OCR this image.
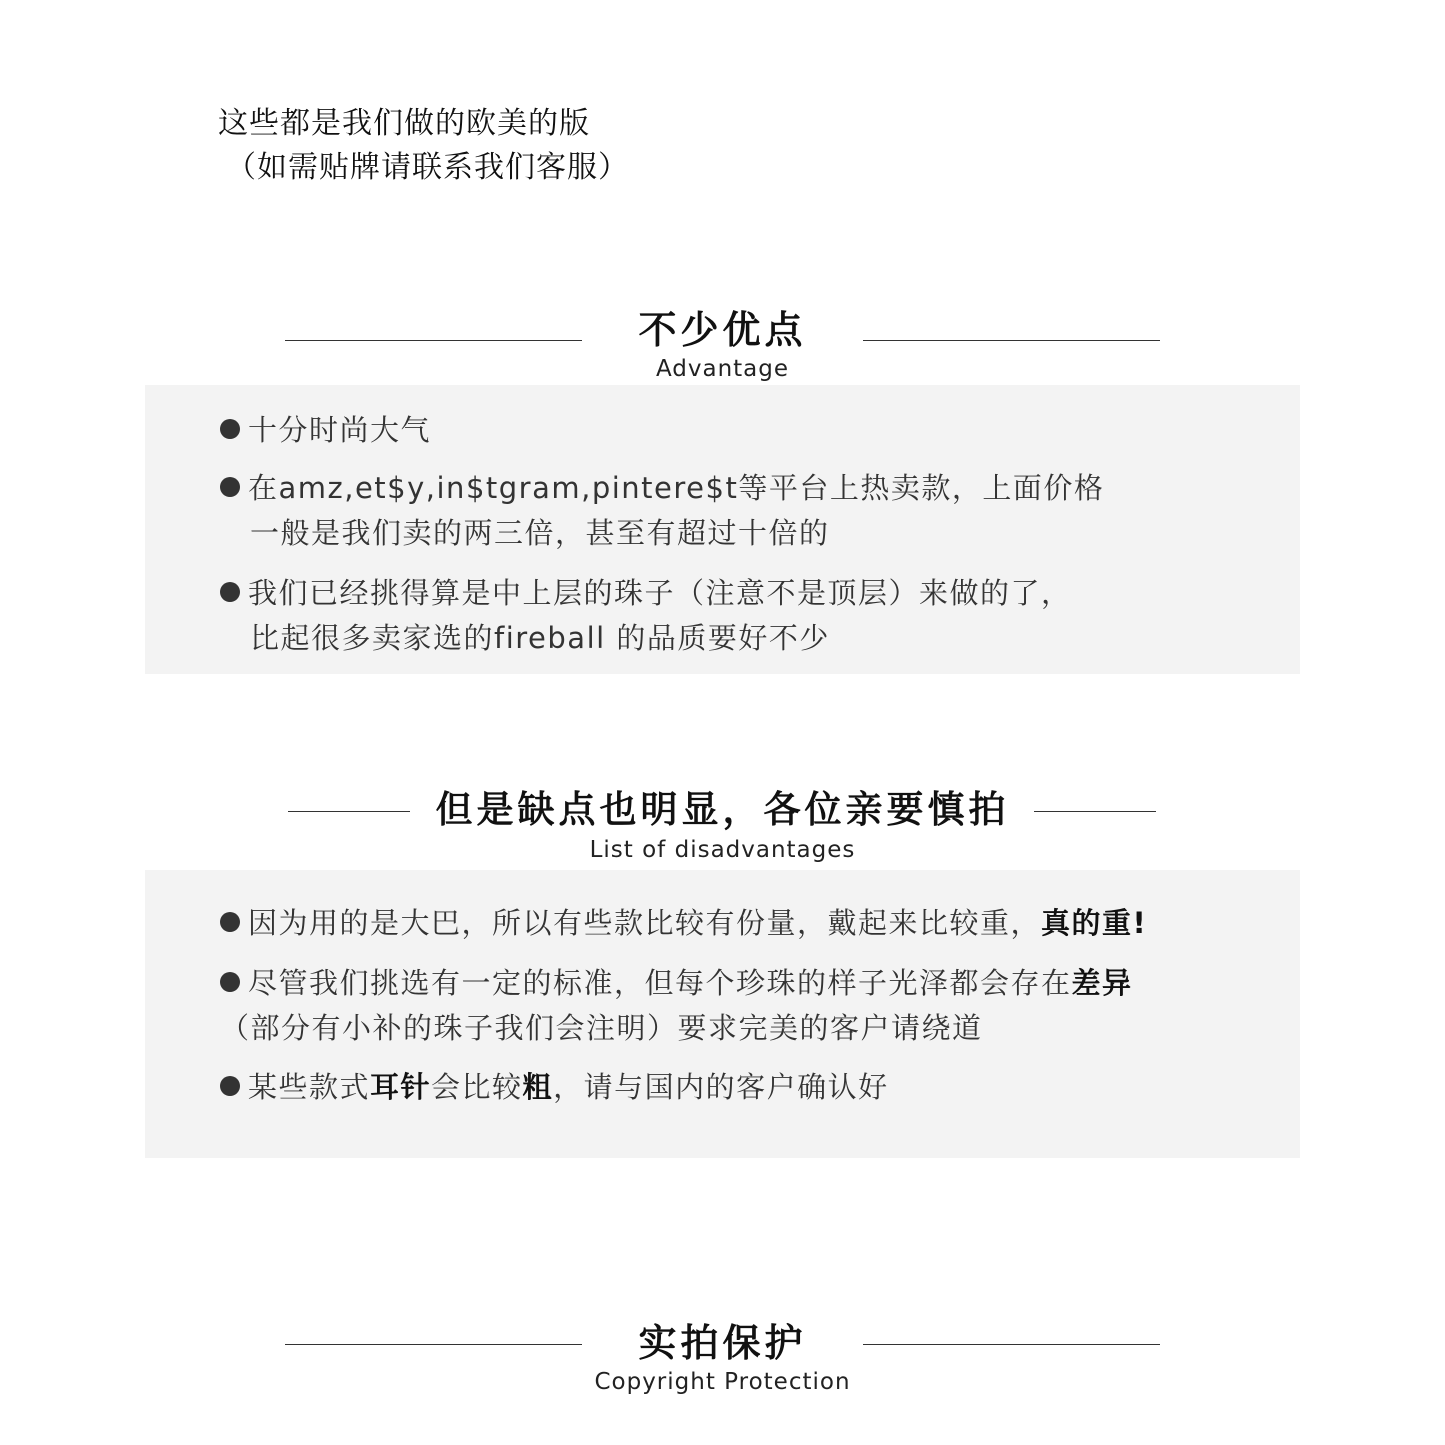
这些都是我们做的欧美的版
（如需贴牌请联系我们客服）
不少优点
Advantage
十分时尚大气
在amz,et$y,in$tgram,pintere$t等平台上热卖款，上面价格
一般是我们卖的两三倍，甚至有超过十倍的
我们已经挑得算是中上层的珠子（注意不是顶层）来做的了，
比起很多卖家选的fireball 的品质要好不少
但是缺点也明显，各位亲要慎拍
List of disadvantages
因为用的是大巴，所以有些款比较有份量，戴起来比较重，真的重!
尽管我们挑选有一定的标准，但每个珍珠的样子光泽都会存在差异
（部分有小补的珠子我们会注明）要求完美的客户请绕道
某些款式耳针会比较粗，请与国内的客户确认好
实拍保护
Copyright Protection
